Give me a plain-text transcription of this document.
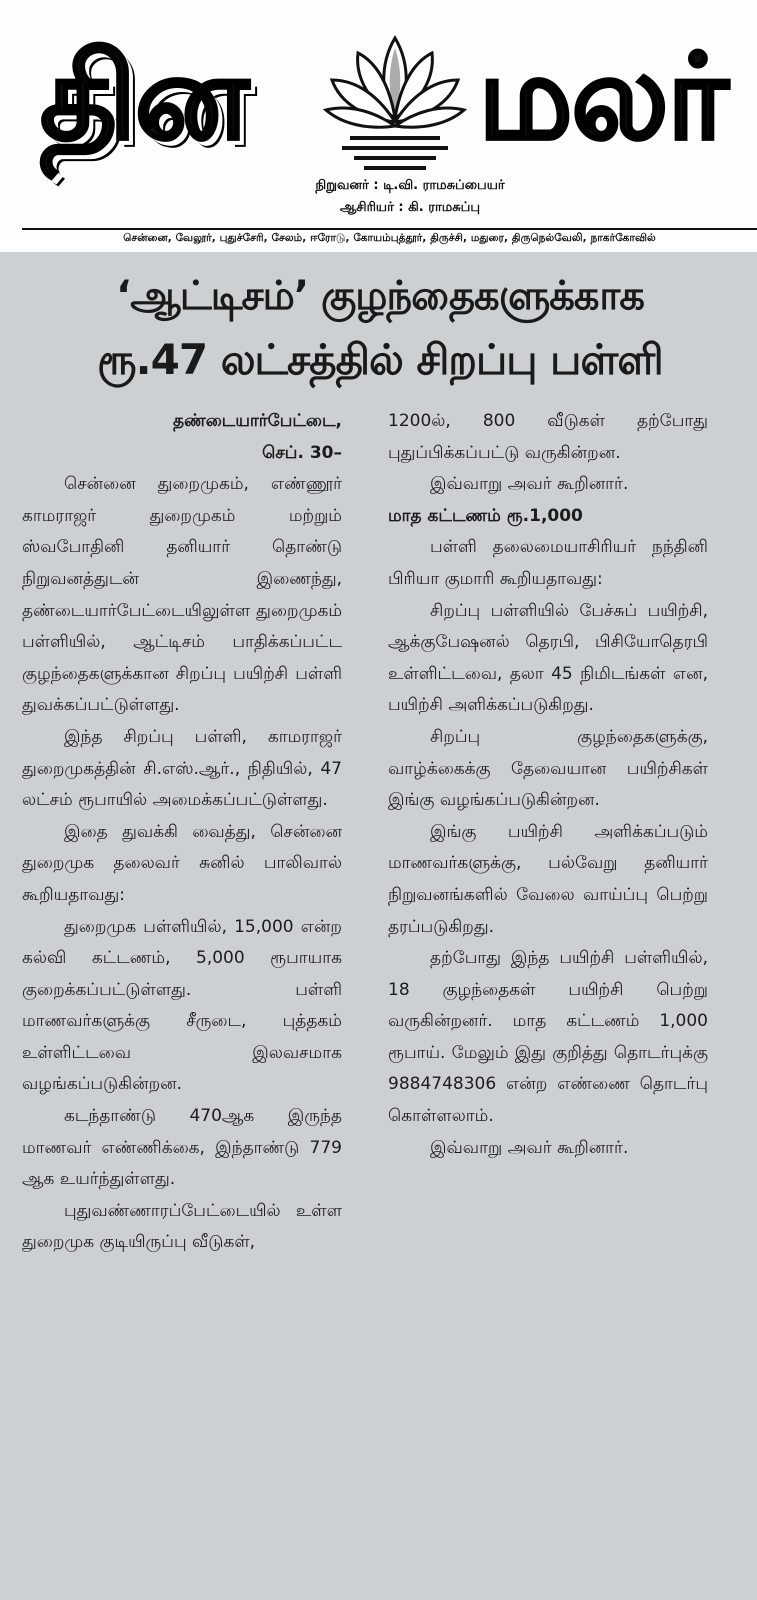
தின மலர்
நிறுவனர் : டி.வி. ராமசுப்பையர்
ஆசிரியர் : கி. ராமசுப்பு
சென்னை, வேலூர், புதுச்சேரி, சேலம், ஈரோடு, கோயம்புத்தூர், திருச்சி, மதுரை, திருநெல்வேலி, நாகர்கோவில்
‘ஆட்டிசம்’ குழந்தைகளுக்காக
ரூ.47 லட்சத்தில் சிறப்பு பள்ளி

தண்டையார்பேட்டை,

செப். 30–

சென்னை துறைமுகம், எண்ணூர் காமராஜர் துறைமுகம் மற்றும் ஸ்வபோதினி தனியார் தொண்டு நிறுவனத்துடன் இணைந்து, தண்டையார்பேட்டையிலுள்ள துறைமுகம் பள்ளியில், ஆட்டிசம் பாதிக்கப்பட்ட குழந்தைகளுக்கான சிறப்பு பயிற்சி பள்ளி துவக்கப்பட்டுள்ளது.

இந்த சிறப்பு பள்ளி, காமராஜர் துறைமுகத்தின் சி.எஸ்.ஆர்., நிதியில், 47 லட்சம் ரூபாயில் அமைக்கப்பட்டுள்ளது.

இதை துவக்கி வைத்து, சென்னை துறைமுக தலைவர் சுனில் பாலிவால் கூறியதாவது:

துறைமுக பள்ளியில், 15,000 என்ற கல்வி கட்டணம், 5,000 ரூபாயாக குறைக்கப்பட்டுள்ளது. பள்ளி மாணவர்களுக்கு சீருடை, புத்தகம் உள்ளிட்டவை இலவசமாக வழங்கப்படுகின்றன.

கடந்தாண்டு 470ஆக இருந்த மாணவர் எண்ணிக்கை, இந்தாண்டு 779 ஆக உயர்ந்துள்ளது.

புதுவண்ணாரப்பேட்டையில் உள்ள துறைமுக குடியிருப்பு வீடுகள்,

1200ல், 800 வீடுகள் தற்போது புதுப்பிக்கப்பட்டு வருகின்றன.

இவ்வாறு அவர் கூறினார்.

மாத கட்டணம் ரூ.1,000

பள்ளி தலைமையாசிரியர் நந்தினி பிரியா குமாரி கூறியதாவது:

சிறப்பு பள்ளியில் பேச்சுப் பயிற்சி, ஆக்குபேஷனல் தெரபி, பிசியோதெரபி உள்ளிட்டவை, தலா 45 நிமிடங்கள் என, பயிற்சி அளிக்கப்படுகிறது.

சிறப்பு குழந்தைகளுக்கு, வாழ்க்கைக்கு தேவையான பயிற்சிகள் இங்கு வழங்கப்படுகின்றன.

இங்கு பயிற்சி அளிக்கப்படும் மாணவர்களுக்கு, பல்வேறு தனியார் நிறுவனங்களில் வேலை வாய்ப்பு பெற்று தரப்படுகிறது.

தற்போது இந்த பயிற்சி பள்ளியில், 18 குழந்தைகள் பயிற்சி பெற்று வருகின்றனர். மாத கட்டணம் 1,000 ரூபாய். மேலும் இது குறித்து தொடர்புக்கு 9884748306 என்ற எண்ணை தொடர்பு கொள்ளலாம்.

இவ்வாறு அவர் கூறினார்.
